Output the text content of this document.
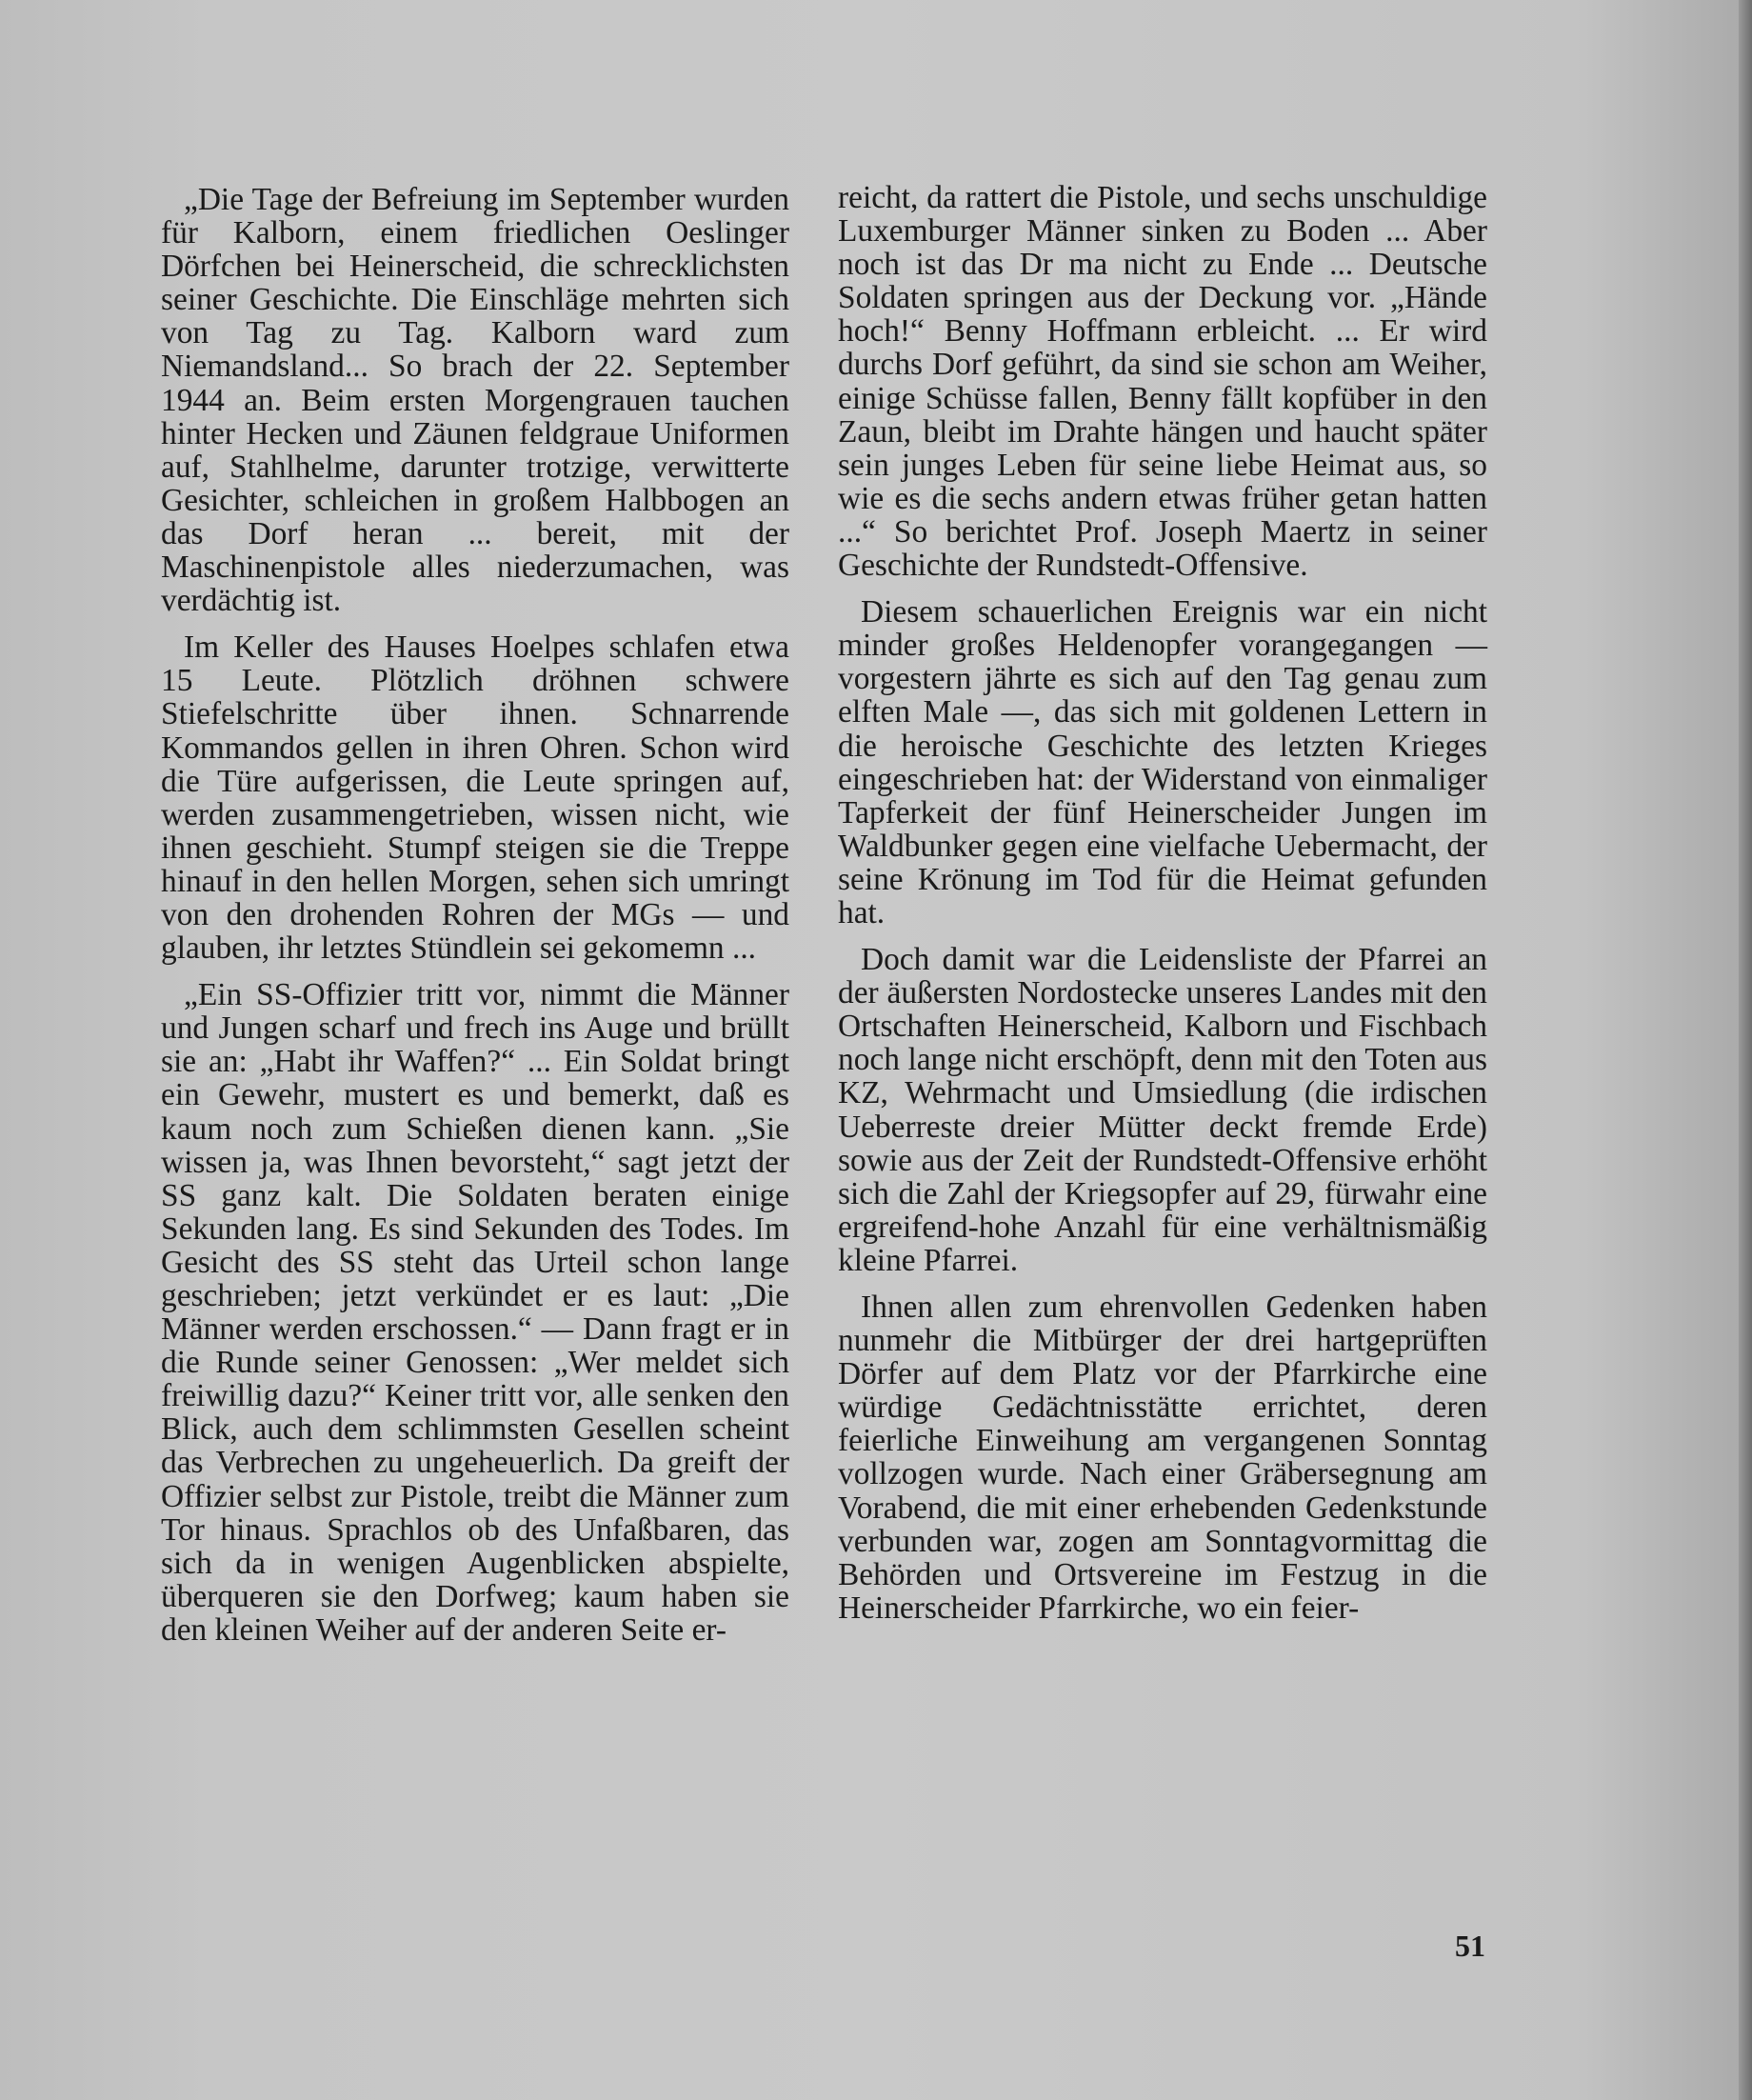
„Die Tage der Befreiung im September wurden für Kalborn, einem friedlichen Oeslinger Dörfchen bei Heinerscheid, die schrecklichsten seiner Geschichte. Die Einschläge mehrten sich von Tag zu Tag. Kalborn ward zum Niemandsland... So brach der 22. September 1944 an. Beim ersten Morgengrauen tauchen hinter Hecken und Zäunen feldgraue Uniformen auf, Stahlhelme, darunter trotzige, verwitterte Gesichter, schleichen in großem Halbbogen an das Dorf heran ... bereit, mit der Maschinenpistole alles niederzumachen, was verdächtig ist.

Im Keller des Hauses Hoelpes schlafen etwa 15 Leute. Plötzlich dröhnen schwere Stiefelschritte über ihnen. Schnarrende Kommandos gellen in ihren Ohren. Schon wird die Türe aufgerissen, die Leute springen auf, werden zusammengetrieben, wissen nicht, wie ihnen geschieht. Stumpf steigen sie die Treppe hinauf in den hellen Morgen, sehen sich umringt von den drohenden Rohren der MGs — und glauben, ihr letztes Stündlein sei gekomemn ...

„Ein SS-Offizier tritt vor, nimmt die Männer und Jungen scharf und frech ins Auge und brüllt sie an: „Habt ihr Waffen?“ ... Ein Soldat bringt ein Gewehr, mustert es und bemerkt, daß es kaum noch zum Schießen dienen kann. „Sie wissen ja, was Ihnen bevorsteht,“ sagt jetzt der SS ganz kalt. Die Soldaten beraten einige Sekunden lang. Es sind Sekunden des Todes. Im Gesicht des SS steht das Urteil schon lange geschrieben; jetzt verkündet er es laut: „Die Männer werden erschossen.“ — Dann fragt er in die Runde seiner Genossen: „Wer meldet sich freiwillig dazu?“ Keiner tritt vor, alle senken den Blick, auch dem schlimmsten Gesellen scheint das Verbrechen zu ungeheuerlich. Da greift der Offizier selbst zur Pistole, treibt die Männer zum Tor hinaus. Sprachlos ob des Unfaßbaren, das sich da in wenigen Augenblicken abspielte, überqueren sie den Dorfweg; kaum haben sie den kleinen Weiher auf der anderen Seite er-

reicht, da rattert die Pistole, und sechs unschuldige Luxemburger Männer sinken zu Boden ... Aber noch ist das Dr ma nicht zu Ende ... Deutsche Soldaten springen aus der Deckung vor. „Hände hoch!“ Benny Hoffmann erbleicht. ... Er wird durchs Dorf geführt, da sind sie schon am Weiher, einige Schüsse fallen, Benny fällt kopfüber in den Zaun, bleibt im Drahte hängen und haucht später sein junges Leben für seine liebe Heimat aus, so wie es die sechs andern etwas früher getan hatten ...“ So berichtet Prof. Joseph Maertz in seiner Geschichte der Rundstedt-Offensive.

Diesem schauerlichen Ereignis war ein nicht minder großes Heldenopfer vorangegangen — vorgestern jährte es sich auf den Tag genau zum elften Male —, das sich mit goldenen Lettern in die heroische Geschichte des letzten Krieges eingeschrieben hat: der Widerstand von einmaliger Tapferkeit der fünf Heinerscheider Jungen im Waldbunker gegen eine vielfache Uebermacht, der seine Krönung im Tod für die Heimat gefunden hat.

Doch damit war die Leidensliste der Pfarrei an der äußersten Nordostecke unseres Landes mit den Ortschaften Heinerscheid, Kalborn und Fischbach noch lange nicht erschöpft, denn mit den Toten aus KZ, Wehrmacht und Umsiedlung (die irdischen Ueberreste dreier Mütter deckt fremde Erde) sowie aus der Zeit der Rundstedt-Offensive erhöht sich die Zahl der Kriegsopfer auf 29, fürwahr eine ergreifend-hohe Anzahl für eine verhältnismäßig kleine Pfarrei.

Ihnen allen zum ehrenvollen Gedenken haben nunmehr die Mitbürger der drei hartgeprüften Dörfer auf dem Platz vor der Pfarrkirche eine würdige Gedächtnisstätte errichtet, deren feierliche Einweihung am vergangenen Sonntag vollzogen wurde. Nach einer Gräbersegnung am Vorabend, die mit einer erhebenden Gedenkstunde verbunden war, zogen am Sonntagvormittag die Behörden und Ortsvereine im Festzug in die Heinerscheider Pfarrkirche, wo ein feier-

51
